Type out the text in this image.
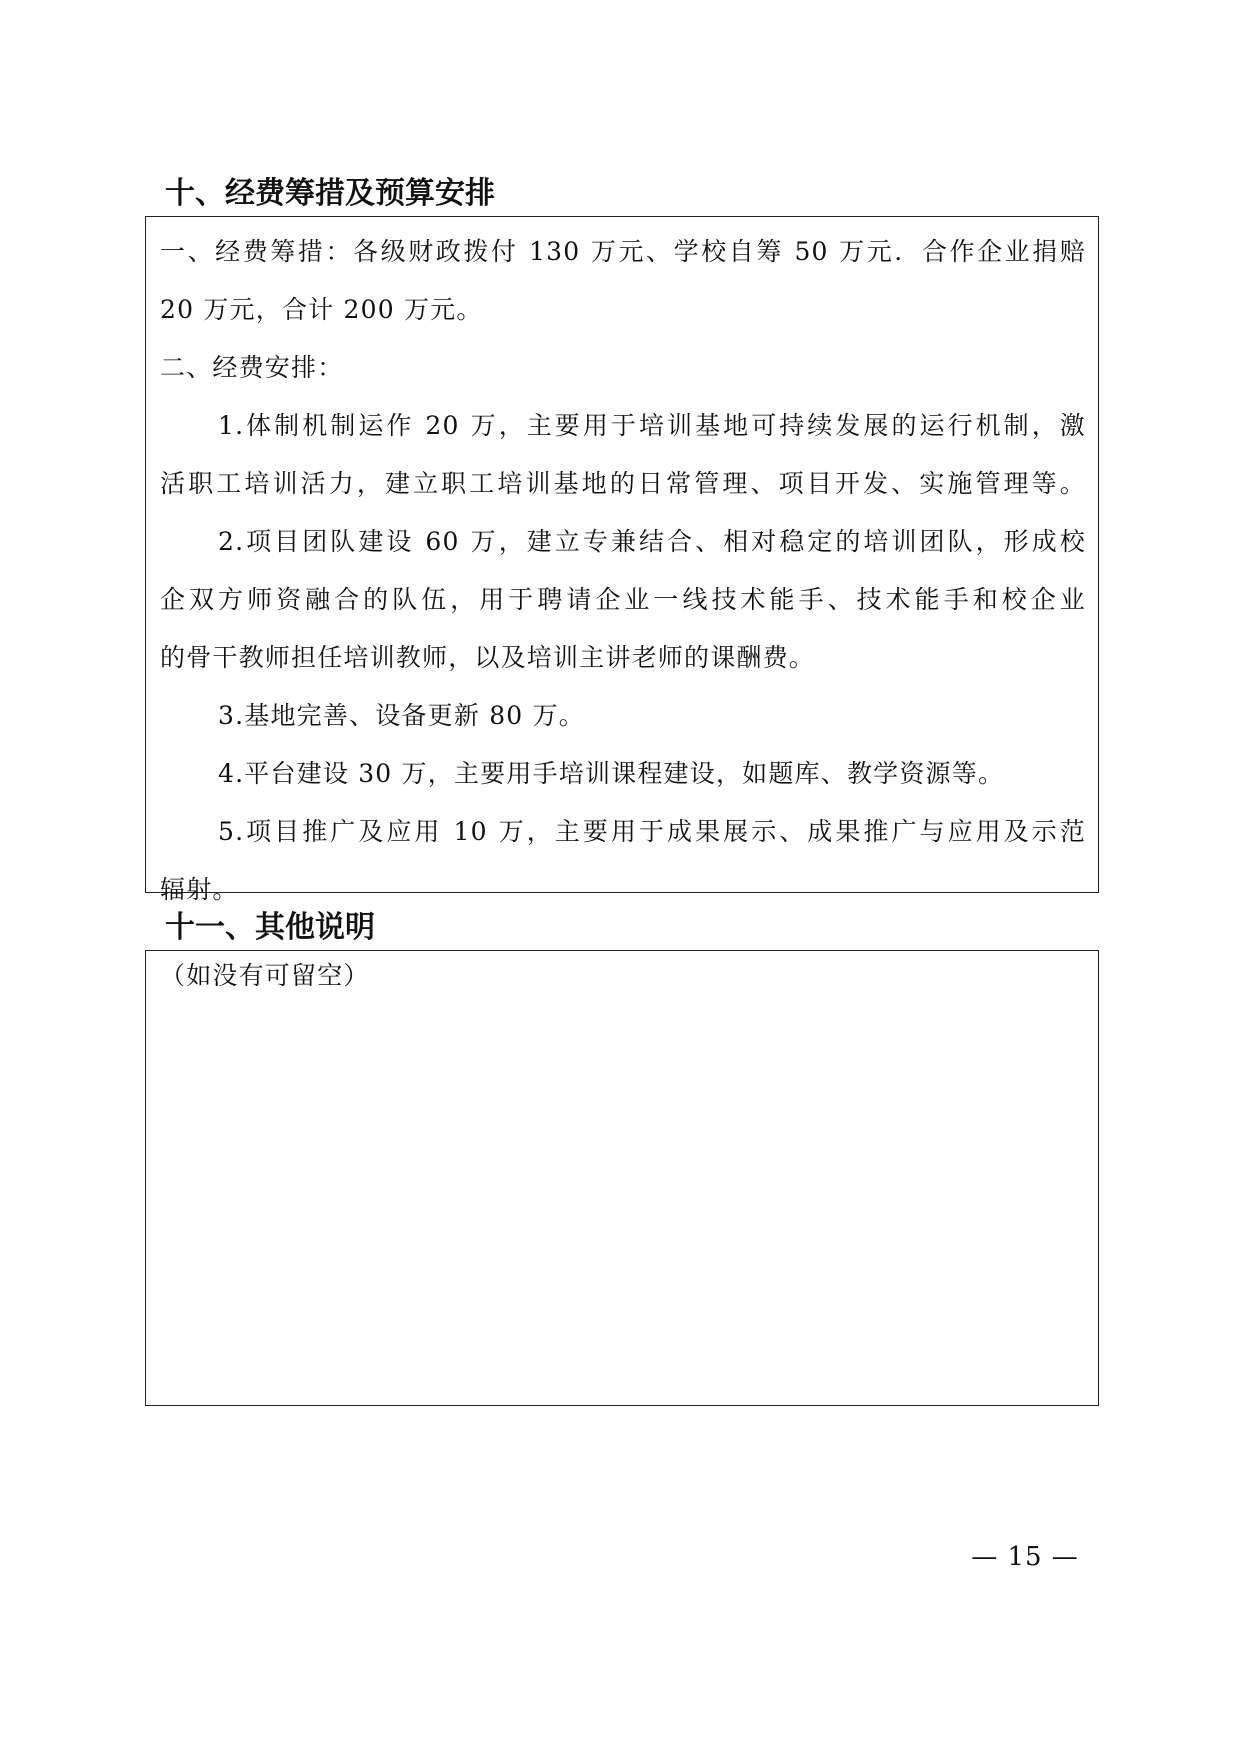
十、经费筹措及预算安排

一、经费筹措：各级财政拨付 130 万元、学校自筹 50 万元．合作企业捐赔

20 万元，合计 200 万元。

二、经费安排：

1.体制机制运作 20 万，主要用于培训基地可持续发展的运行机制，激

活职工培训活力，建立职工培训基地的日常管理、项目开发、实施管理等。

2.项目团队建设 60 万，建立专兼结合、相对稳定的培训团队，形成校

企双方师资融合的队伍，用于聘请企业一线技术能手、技术能手和校企业

的骨干教师担任培训教师，以及培训主讲老师的课酬费。

3.基地完善、设备更新 80 万。

4.平台建设 30 万，主要用手培训课程建设，如题库、教学资源等。

5.项目推广及应用 10 万，主要用于成果展示、成果推广与应用及示范

辐射。

十一、其他说明

（如没有可留空）

— 15 —
